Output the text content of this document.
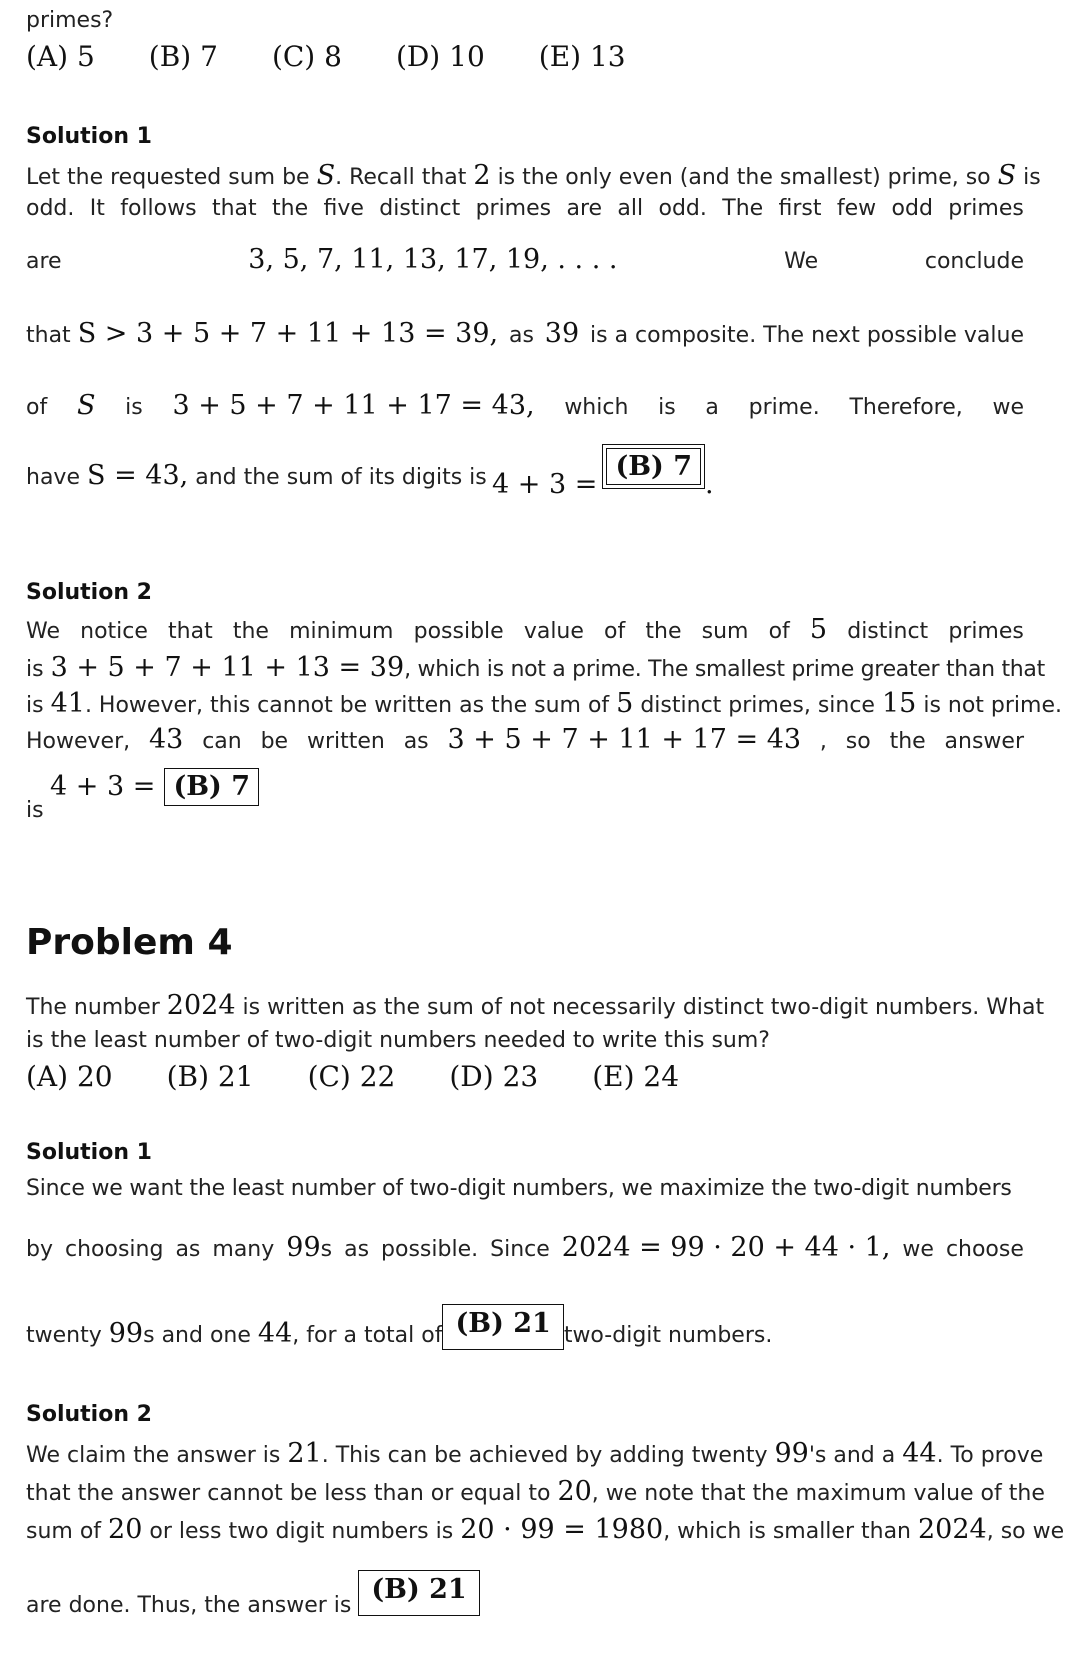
primes?
(A) 5 (B) 7 (C) 8 (D) 10 (E) 13
Solution 1
Let the requested sum be S. Recall that 2 is the only even (and the smallest) prime, so S is
odd. It follows that the five distinct primes are all odd. The first few odd primes
are	3, 5, 7, 11, 13, 17, 19, . . . .	We	conclude
that S > 3 + 5 + 7 + 11 + 13 = 39, as 39 is a composite. The next possible value
of S is 3 + 5 + 7 + 11 + 17 = 43, which is a prime. Therefore, we
have S = 43, and the sum of its digits is 4 + 3 = (B) 7.
Solution 2
We notice that the minimum possible value of the sum of 5 distinct primes
is 3 + 5 + 7 + 11 + 13 = 39, which is not a prime. The smallest prime greater than that
is 41. However, this cannot be written as the sum of 5 distinct primes, since 15 is not prime.
However, 43 can be written as 3 + 5 + 7 + 11 + 17 = 43 , so the answer
4 + 3 = (B) 7
is
Problem 4
The number 2024 is written as the sum of not necessarily distinct two-digit numbers. What
is the least number of two-digit numbers needed to write this sum?
(A) 20 (B) 21 (C) 22 (D) 23 (E) 24
Solution 1
Since we want the least number of two-digit numbers, we maximize the two-digit numbers
by choosing as many 99s as possible. Since 2024 = 99 · 20 + 44 · 1, we choose
twenty 99s and one 44, for a total of (B) 21 two-digit numbers.
Solution 2
We claim the answer is 21. This can be achieved by adding twenty 99's and a 44. To prove
that the answer cannot be less than or equal to 20, we note that the maximum value of the
sum of 20 or less two digit numbers is 20 · 99 = 1980, which is smaller than 2024, so we
are done. Thus, the answer is (B) 21
